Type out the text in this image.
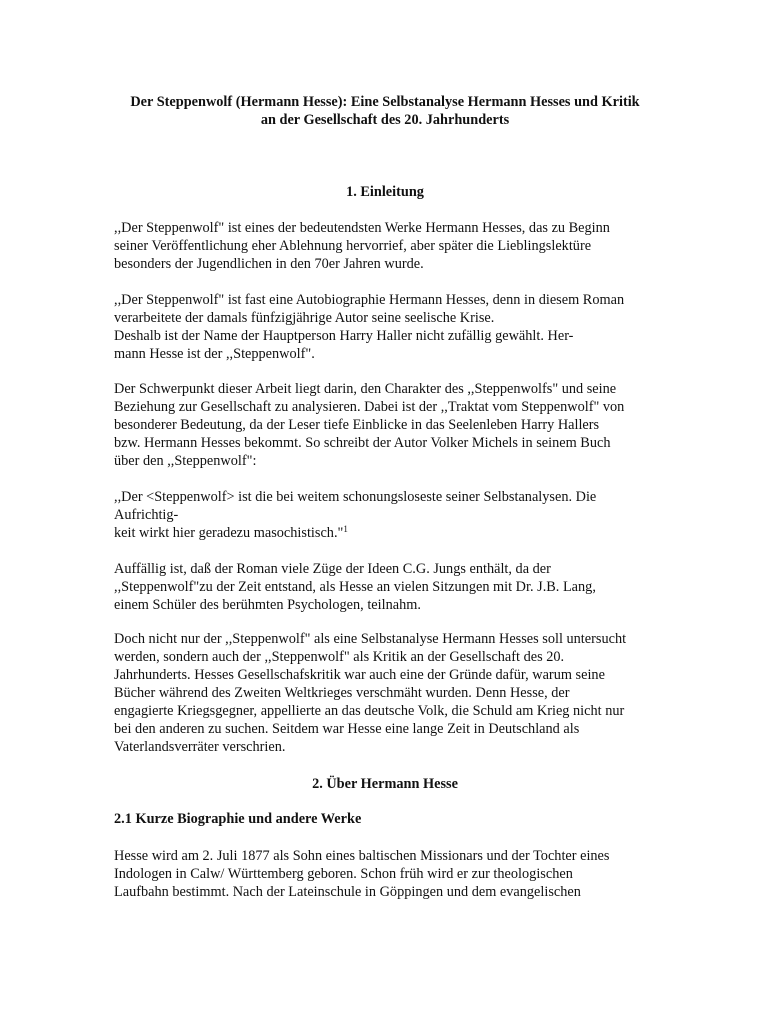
Der Steppenwolf (Hermann Hesse): Eine Selbstanalyse Hermann Hesses und Kritik
an der Gesellschaft des 20. Jahrhunderts
1. Einleitung
,,Der Steppenwolf" ist eines der bedeutendsten Werke Hermann Hesses, das zu Beginn
seiner Veröffentlichung eher Ablehnung hervorrief, aber später die Lieblingslektüre
besonders der Jugendlichen in den 70er Jahren wurde.
,,Der Steppenwolf" ist fast eine Autobiographie Hermann Hesses, denn in diesem Roman
verarbeitete der damals fünfzigjährige Autor seine seelische Krise.
Deshalb ist der Name der Hauptperson Harry Haller nicht zufällig gewählt. Her-
mann Hesse ist der ,,Steppenwolf".
Der Schwerpunkt dieser Arbeit liegt darin, den Charakter des ,,Steppenwolfs" und seine
Beziehung zur Gesellschaft zu analysieren. Dabei ist der ,,Traktat vom Steppenwolf" von
besonderer Bedeutung, da der Leser tiefe Einblicke in das Seelenleben Harry Hallers
bzw. Hermann Hesses bekommt. So schreibt der Autor Volker Michels in seinem Buch
über den ,,Steppenwolf":
,,Der <Steppenwolf> ist die bei weitem schonungsloseste seiner Selbstanalysen. Die
Aufrichtig-
keit wirkt hier geradezu masochistisch."$^1$
Auffällig ist, daß der Roman viele Züge der Ideen C.G. Jungs enthält, da der
,,Steppenwolf"zu der Zeit entstand, als Hesse an vielen Sitzungen mit Dr. J.B. Lang,
einem Schüler des berühmten Psychologen, teilnahm.
Doch nicht nur der ,,Steppenwolf" als eine Selbstanalyse Hermann Hesses soll untersucht
werden, sondern auch der ,,Steppenwolf" als Kritik an der Gesellschaft des 20.
Jahrhunderts. Hesses Gesellschafskritik war auch eine der Gründe dafür, warum seine
Bücher während des Zweiten Weltkrieges verschmäht wurden. Denn Hesse, der
engagierte Kriegsgegner, appellierte an das deutsche Volk, die Schuld am Krieg nicht nur
bei den anderen zu suchen. Seitdem war Hesse eine lange Zeit in Deutschland als
Vaterlandsverräter verschrien.
2. Über Hermann Hesse
2.1 Kurze Biographie und andere Werke
Hesse wird am 2. Juli 1877 als Sohn eines baltischen Missionars und der Tochter eines
Indologen in Calw/ Württemberg geboren. Schon früh wird er zur theologischen
Laufbahn bestimmt. Nach der Lateinschule in Göppingen und dem evangelischen
